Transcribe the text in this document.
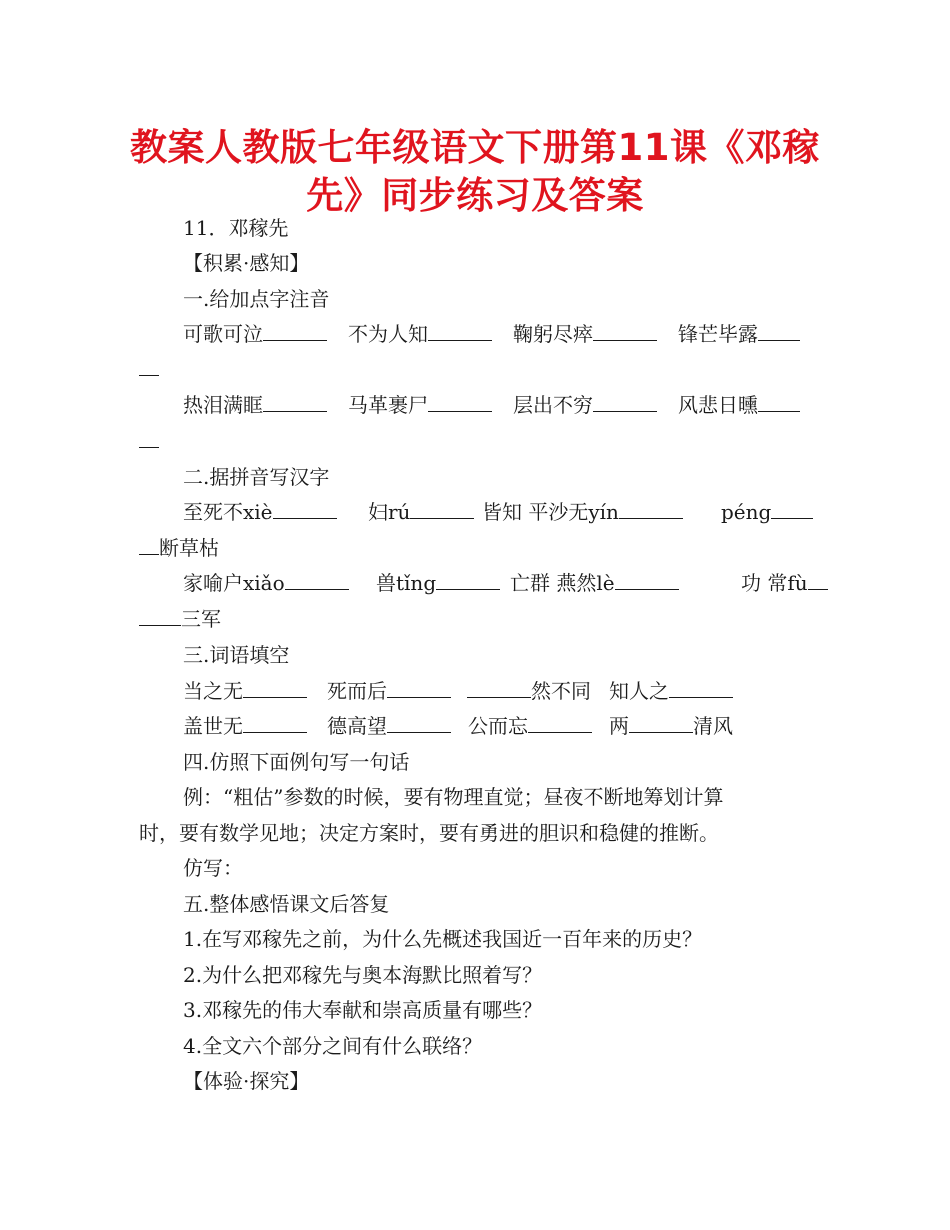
教案人教版七年级语文下册第11课《邓稼
先》同步练习及答案
11．邓稼先
【积累·感知】
一.给加点字注音
可歌可泣	不为人知	鞠躬尽瘁	锋芒毕露
热泪满眶	马革裹尸	层出不穷	风悲日曛
二.据拼音写汉字
至死不xiè	妇rú	皆知 平沙无yín	péng
断草枯
家喻户xiǎo	兽tǐng	亡群 燕然lè	功 常fù
三军
三.词语填空
当之无	死而后	然不同 知人之
盖世无	德高望	公而忘	两	清风
四.仿照下面例句写一句话
例：“粗估”参数的时候，要有物理直觉；昼夜不断地筹划计算
时，要有数学见地；决定方案时，要有勇进的胆识和稳健的推断。
仿写：
五.整体感悟课文后答复
1.在写邓稼先之前，为什么先概述我国近一百年来的历史？
2.为什么把邓稼先与奥本海默比照着写？
3.邓稼先的伟大奉献和崇高质量有哪些？
4.全文六个部分之间有什么联络？
【体验·探究】
